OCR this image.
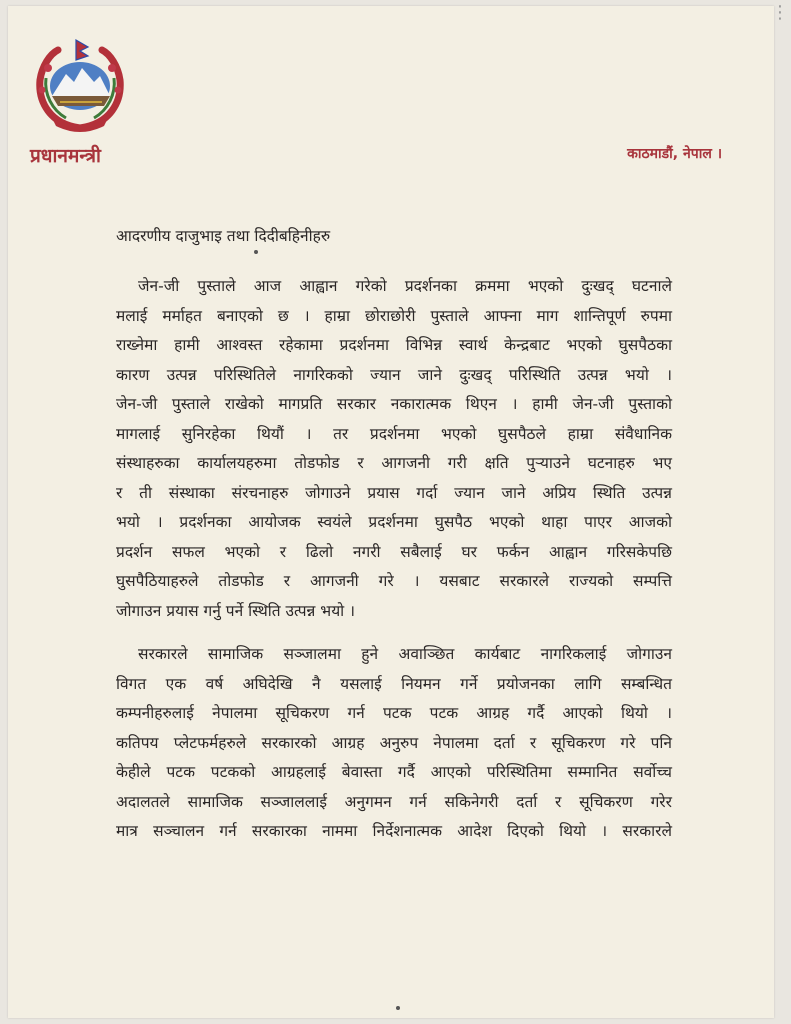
प्रधानमन्त्री	काठमाडौं, नेपाल ।
आदरणीय दाजुभाइ तथा दिदीबहिनीहरु
जेन-जी पुस्ताले आज आह्वान गरेको प्रदर्शनका क्रममा भएको दुःखद् घटनाले
मलाई मर्माहत बनाएको छ । हाम्रा छोराछोरी पुस्ताले आफ्ना माग शान्तिपूर्ण रुपमा
राख्नेमा हामी आश्वस्त रहेकामा प्रदर्शनमा विभिन्न स्वार्थ केन्द्रबाट भएको घुसपैठका
कारण उत्पन्न परिस्थितिले नागरिकको ज्यान जाने दुःखद् परिस्थिति उत्पन्न भयो ।
जेन-जी पुस्ताले राखेको मागप्रति सरकार नकारात्मक थिएन । हामी जेन-जी पुस्ताको
मागलाई सुनिरहेका थियौं । तर प्रदर्शनमा भएको घुसपैठले हाम्रा संवैधानिक
संस्थाहरुका कार्यालयहरुमा तोडफोड र आगजनी गरी क्षति पुऱ्याउने घटनाहरु भए
र ती संस्थाका संरचनाहरु जोगाउने प्रयास गर्दा ज्यान जाने अप्रिय स्थिति उत्पन्न
भयो । प्रदर्शनका आयोजक स्वयंले प्रदर्शनमा घुसपैठ भएको थाहा पाएर आजको
प्रदर्शन सफल भएको र ढिलो नगरी सबैलाई घर फर्कन आह्वान गरिसकेपछि
घुसपैठियाहरुले तोडफोड र आगजनी गरे । यसबाट सरकारले राज्यको सम्पत्ति
जोगाउन प्रयास गर्नु पर्ने स्थिति उत्पन्न भयो ।
सरकारले सामाजिक सञ्जालमा हुने अवाञ्छित कार्यबाट नागरिकलाई जोगाउन
विगत एक वर्ष अघिदेखि नै यसलाई नियमन गर्ने प्रयोजनका लागि सम्बन्धित
कम्पनीहरुलाई नेपालमा सूचिकरण गर्न पटक पटक आग्रह गर्दै आएको थियो ।
कतिपय प्लेटफर्महरुले सरकारको आग्रह अनुरुप नेपालमा दर्ता र सूचिकरण गरे पनि
केहीले पटक पटकको आग्रहलाई बेवास्ता गर्दै आएको परिस्थितिमा सम्मानित सर्वोच्च
अदालतले सामाजिक सञ्जाललाई अनुगमन गर्न सकिनेगरी दर्ता र सूचिकरण गरेर
मात्र सञ्चालन गर्न सरकारका नाममा निर्देशनात्मक आदेश दिएको थियो । सरकारले
⋮
